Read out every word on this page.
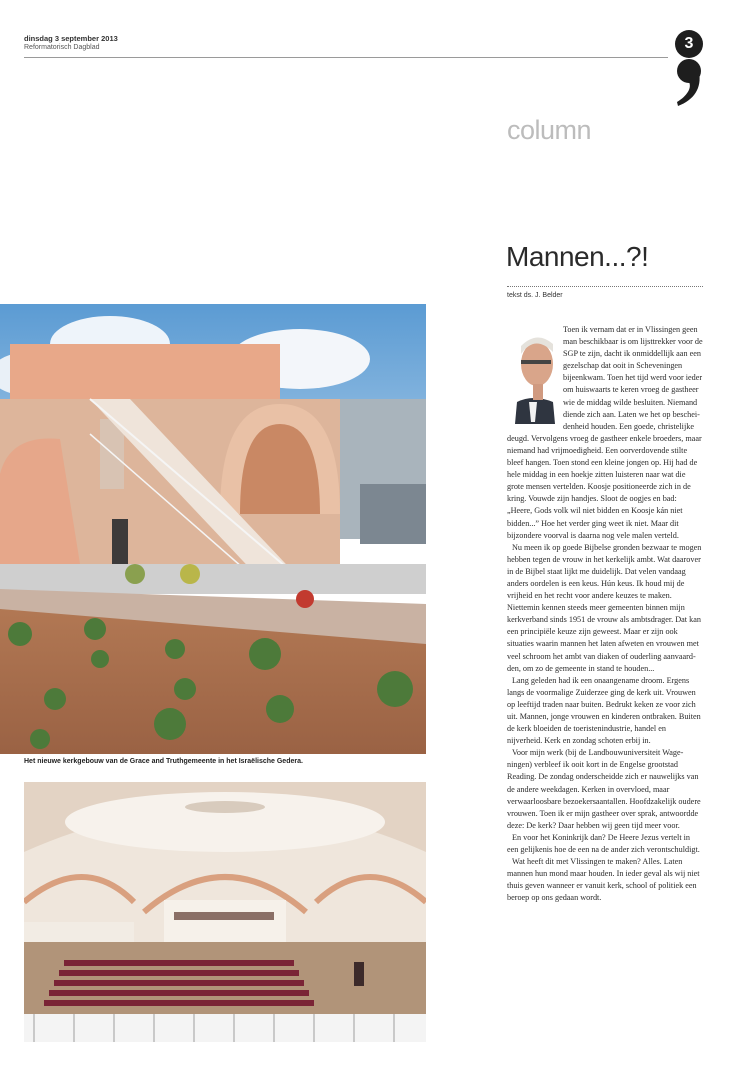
dinsdag 3 september 2013
Reformatorisch Dagblad	3
column
Mannen...?!
tekst ds. J. Belder
Het nieuwe kerkgebouw van de Grace and Truthgemeente in het Israëlische Gedera.

Toen ik vernam dat er in Vlissingen geen man beschikbaar is om lijsttrekker voor de SGP te zijn, dacht ik onmiddellijk aan een gezelschap dat ooit in Scheveningen bijeenkwam. Toen het tijd werd voor ieder om huiswaarts te keren vroeg de gastheer wie de middag wilde besluiten. Niemand diende zich aan. Laten we het op bescheidenheid houden. Een goede, christelijke deugd. Vervolgens vroeg de gastheer enkele broeders, maar niemand had vrijmoedigheid. Een oorverdovende stilte bleef hangen. Toen stond een kleine jongen op. Hij had de hele middag in een hoekje zitten luisteren naar wat die grote mensen vertelden. Koosje positioneerde zich in de kring. Vouwde zijn handjes. Sloot de oogjes en bad: „Heere, Gods volk wil niet bidden en Koosje kán niet bidden...” Hoe het verder ging weet ik niet. Maar dit bijzondere voorval is daarna nog vele malen verteld.

Nu meen ik op goede Bijbelse gronden bezwaar te mogen hebben tegen de vrouw in het kerkelijk ambt. Wat daarover in de Bijbel staat lijkt me duidelijk. Dat velen vandaag anders oordelen is een keus. Hún keus. Ik houd mij de vrijheid en het recht voor andere keuzes te maken. Niettemin kennen steeds meer gemeenten binnen mijn kerkverband sinds 1951 de vrouw als ambtsdrager. Dat kan een principiële keuze zijn geweest. Maar er zijn ook situaties waarin mannen het laten afweten en vrouwen met veel schroom het ambt van diaken of ouderling aanvaardden, om zo de gemeente in stand te houden...

Lang geleden had ik een onaangename droom. Ergens langs de voormalige Zuiderzee ging de kerk uit. Vrouwen op leeftijd traden naar buiten. Bedrukt keken ze voor zich uit. Mannen, jonge vrouwen en kinderen ontbraken. Buiten de kerk bloeiden de toeristenindustrie, handel en nijverheid. Kerk en zondag schoten erbij in.

Voor mijn werk (bij de Landbouwuniversiteit Wageningen) verbleef ik ooit kort in de Engelse grootstad Reading. De zondag onderscheidde zich er nauwelijks van de andere weekdagen. Kerken in overvloed, maar verwaarloosbare bezoekersaantallen. Hoofdzakelijk oudere vrouwen. Toen ik er mijn gastheer over sprak, antwoordde deze: De kerk? Daar hebben wij geen tijd meer voor.

En voor het Koninkrijk dan? De Heere Jezus vertelt in een gelijkenis hoe de een na de ander zich verontschuldigt.

Wat heeft dit met Vlissingen te maken? Alles. Laten mannen hun mond maar houden. In ieder geval als wij niet thuis geven wanneer er vanuit kerk, school of politiek een beroep op ons gedaan wordt.
